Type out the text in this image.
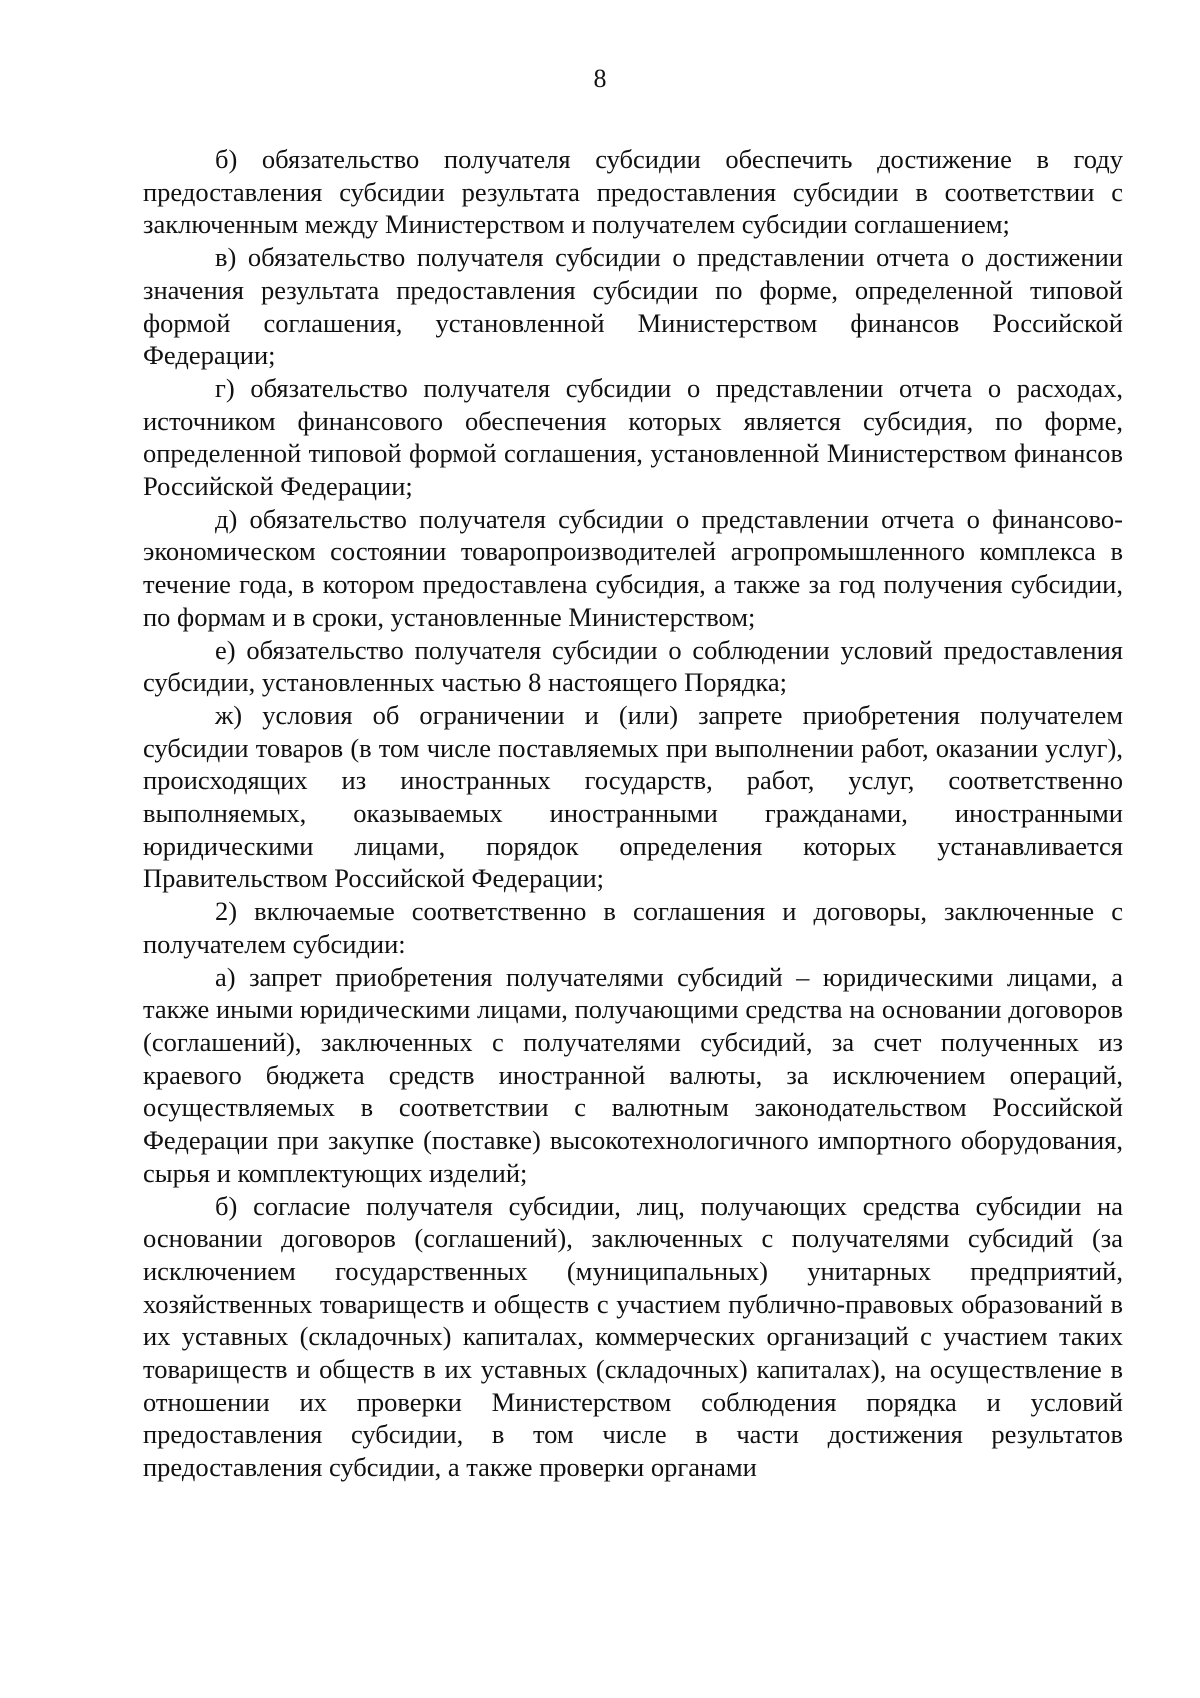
8

б) обязательство получателя субсидии обеспечить достижение в году предоставления субсидии результата предоставления субсидии в соответствии с заключенным между Министерством и получателем субсидии соглашением;

в) обязательство получателя субсидии о представлении отчета о достижении значения результата предоставления субсидии по форме, определенной типовой формой соглашения, установленной Министерством финансов Российской Федерации;

г) обязательство получателя субсидии о представлении отчета о расходах, источником финансового обеспечения которых является субсидия, по форме, определенной типовой формой соглашения, установленной Министерством финансов Российской Федерации;

д) обязательство получателя субсидии о представлении отчета о финансово-экономическом состоянии товаропроизводителей агропромышленного комплекса в течение года, в котором предоставлена субсидия, а также за год получения субсидии, по формам и в сроки, установленные Министерством;

е) обязательство получателя субсидии о соблюдении условий предоставления субсидии, установленных частью 8 настоящего Порядка;

ж) условия об ограничении и (или) запрете приобретения получателем субсидии товаров (в том числе поставляемых при выполнении работ, оказании услуг), происходящих из иностранных государств, работ, услуг, соответственно выполняемых, оказываемых иностранными гражданами, иностранными юридическими лицами, порядок определения которых устанавливается Правительством Российской Федерации;

2) включаемые соответственно в соглашения и договоры, заключенные с получателем субсидии:

а) запрет приобретения получателями субсидий – юридическими лицами, а также иными юридическими лицами, получающими средства на основании договоров (соглашений), заключенных с получателями субсидий, за счет полученных из краевого бюджета средств иностранной валюты, за исключением операций, осуществляемых в соответствии с валютным законодательством Российской Федерации при закупке (поставке) высокотехнологичного импортного оборудования, сырья и комплектующих изделий;

б) согласие получателя субсидии, лиц, получающих средства субсидии на основании договоров (соглашений), заключенных с получателями субсидий (за исключением государственных (муниципальных) унитарных предприятий, хозяйственных товариществ и обществ с участием публично-правовых образований в их уставных (складочных) капиталах, коммерческих организаций с участием таких товариществ и обществ в их уставных (складочных) капиталах), на осуществление в отношении их проверки Министерством соблюдения порядка и условий предоставления субсидии, в том числе в части достижения результатов предоставления субсидии, а также проверки органами
